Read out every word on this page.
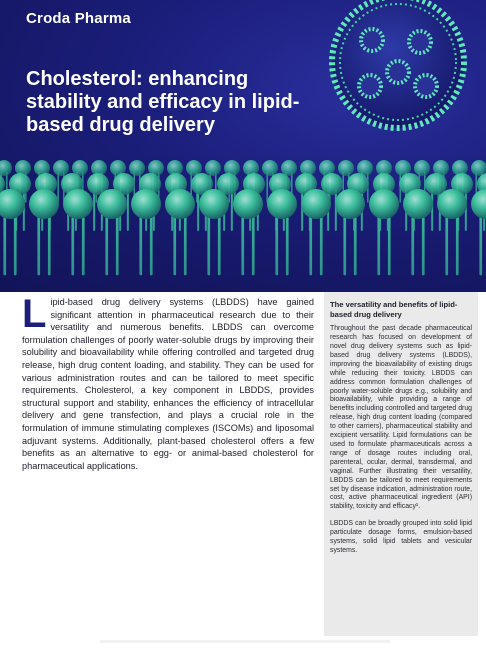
Croda Pharma
Cholesterol: enhancing stability and efficacy in lipid-based drug delivery
Lipid-based drug delivery systems (LBDDS) have gained significant attention in pharmaceutical research due to their versatility and numerous benefits. LBDDS can overcome formulation challenges of poorly water-soluble drugs by improving their solubility and bioavailability while offering controlled and targeted drug release, high drug content loading, and stability. They can be used for various administration routes and can be tailored to meet specific requirements. Cholesterol, a key component in LBDDS, provides structural support and stability, enhances the efficiency of intracellular delivery and gene transfection, and plays a crucial role in the formulation of immune stimulating complexes (ISCOMs) and liposomal adjuvant systems. Additionally, plant-based cholesterol offers a few benefits as an alternative to egg- or animal-based cholesterol for pharmaceutical applications.
The versatility and benefits of lipid-based drug delivery

Throughout the past decade pharmaceutical research has focused on development of novel drug delivery systems such as lipid-based drug delivery systems (LBDDS), improving the bioavailability of existing drugs while reducing their toxicity. LBDDS can address common formulation challenges of poorly water-soluble drugs e.g., solubility and bioavailability, while providing a range of benefits including controlled and targeted drug release, high drug content loading (compared to other carriers), pharmaceutical stability and excipient versatility. Lipid formulations can be used to formulate pharmaceuticals across a range of dosage routes including oral, parenteral, ocular, dermal, transdermal, and vaginal. Further illustrating their versatility, LBDDS can be tailored to meet requirements set by disease indication, administration route, cost, active pharmaceutical ingredient (API) stability, toxicity and efficacy¹.

LBDDS can be broadly grouped into solid lipid particulate dosage forms, emulsion-based systems, solid lipid tablets and vesicular systems.
